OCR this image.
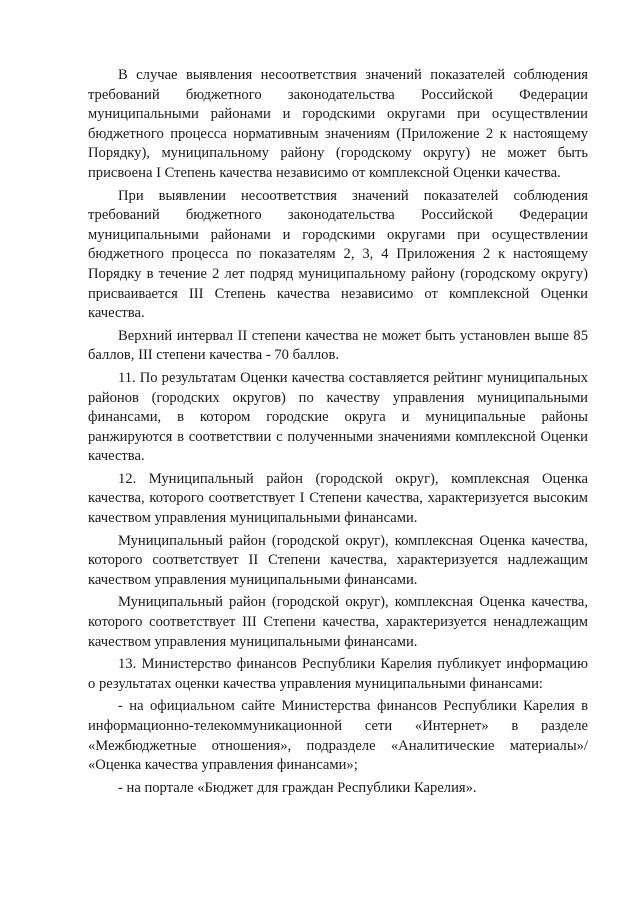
В случае выявления несоответствия значений показателей соблюдения требований бюджетного законодательства Российской Федерации муниципальными районами и городскими округами при осуществлении бюджетного процесса нормативным значениям (Приложение 2 к настоящему Порядку), муниципальному району (городскому округу) не может быть присвоена I Степень качества независимо от комплексной Оценки качества.

При выявлении несоответствия значений показателей соблюдения требований бюджетного законодательства Российской Федерации муниципальными районами и городскими округами при осуществлении бюджетного процесса по показателям 2, 3, 4 Приложения 2 к настоящему Порядку в течение 2 лет подряд муниципальному району (городскому округу) присваивается III Степень качества независимо от комплексной Оценки качества.

Верхний интервал II степени качества не может быть установлен выше 85 баллов, III степени качества - 70 баллов.

11. По результатам Оценки качества составляется рейтинг муниципальных районов (городских округов) по качеству управления муниципальными финансами, в котором городские округа и муниципальные районы ранжируются в соответствии с полученными значениями комплексной Оценки качества.

12. Муниципальный район (городской округ), комплексная Оценка качества, которого соответствует I Степени качества, характеризуется высоким качеством управления муниципальными финансами.

Муниципальный район (городской округ), комплексная Оценка качества, которого соответствует II Степени качества, характеризуется надлежащим качеством управления муниципальными финансами.

Муниципальный район (городской округ), комплексная Оценка качества, которого соответствует III Степени качества, характеризуется ненадлежащим качеством управления муниципальными финансами.

13. Министерство финансов Республики Карелия публикует информацию о результатах оценки качества управления муниципальными финансами:

- на официальном сайте Министерства финансов Республики Карелия в информационно-телекоммуникационной сети «Интернет» в разделе «Межбюджетные отношения», подразделе «Аналитические материалы»/ «Оценка качества управления финансами»;

- на портале «Бюджет для граждан Республики Карелия».
